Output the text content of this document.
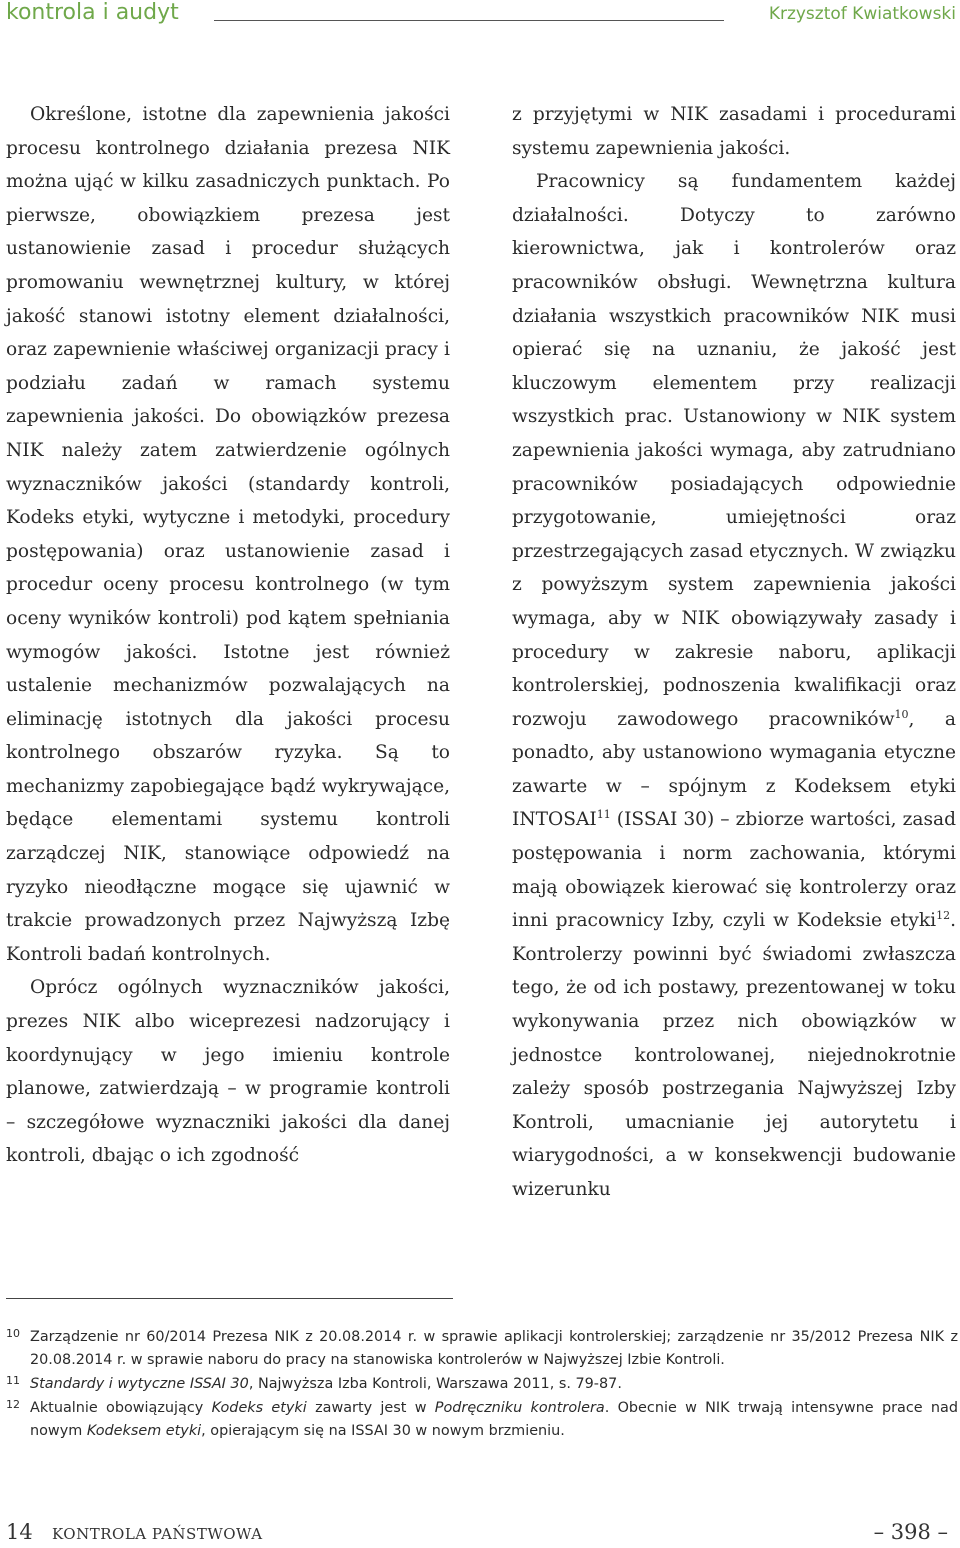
kontrola i audyt	Krzysztof Kwiatkowski

Określone, istotne dla zapewnienia jakości procesu kontrolnego działania prezesa NIK można ująć w kilku zasadniczych punktach. Po pierwsze, obowiązkiem prezesa jest ustanowienie zasad i procedur służących promowaniu wewnętrznej kultury, w której jakość stanowi istotny element działalności, oraz zapewnienie właściwej organizacji pracy i podziału zadań w ramach systemu zapewnienia jakości. Do obowiązków prezesa NIK należy zatem zatwierdzenie ogólnych wyznaczników jakości (standardy kontroli, Kodeks etyki, wytyczne i metodyki, procedury postępowania) oraz ustanowienie zasad i procedur oceny procesu kontrolnego (w tym oceny wyników kontroli) pod kątem spełniania wymogów jakości. Istotne jest również ustalenie mechanizmów pozwalających na eliminację istotnych dla jakości procesu kontrolnego obszarów ryzyka. Są to mechanizmy zapobiegające bądź wykrywające, będące elementami systemu kontroli zarządczej NIK, stanowiące odpowiedź na ryzyko nieodłączne mogące się ujawnić w trakcie prowadzonych przez Najwyższą Izbę Kontroli badań kontrolnych.

Oprócz ogólnych wyznaczników jakości, prezes NIK albo wiceprezesi nadzorujący i koordynujący w jego imieniu kontrole planowe, zatwierdzają – w programie kontroli – szczegółowe wyznaczniki jakości dla danej kontroli, dbając o ich zgodność

z przyjętymi w NIK zasadami i procedurami systemu zapewnienia jakości.

Pracownicy są fundamentem każdej działalności. Dotyczy to zarówno kierownictwa, jak i kontrolerów oraz pracowników obsługi. Wewnętrzna kultura działania wszystkich pracowników NIK musi opierać się na uznaniu, że jakość jest kluczowym elementem przy realizacji wszystkich prac. Ustanowiony w NIK system zapewnienia jakości wymaga, aby zatrudniano pracowników posiadających odpowiednie przygotowanie, umiejętności oraz przestrzegających zasad etycznych. W związku z powyższym system zapewnienia jakości wymaga, aby w NIK obowiązywały zasady i procedury w zakresie naboru, aplikacji kontrolerskiej, podnoszenia kwalifikacji oraz rozwoju zawodowego pracowników$^{10}$, a ponadto, aby ustanowiono wymagania etyczne zawarte w – spójnym z Kodeksem etyki INTOSAI$^{11}$ (ISSAI 30) – zbiorze wartości, zasad postępowania i norm zachowania, którymi mają obowiązek kierować się kontrolerzy oraz inni pracownicy Izby, czyli w Kodeksie etyki$^{12}$. Kontrolerzy powinni być świadomi zwłaszcza tego, że od ich postawy, prezentowanej w toku wykonywania przez nich obowiązków w jednostce kontrolowanej, niejednokrotnie zależy sposób postrzegania Najwyższej Izby Kontroli, umacnianie jej autorytetu i wiarygodności, a w konsekwencji budowanie wizerunku

10 Zarządzenie nr 60/2014 Prezesa NIK z 20.08.2014 r. w sprawie aplikacji kontrolerskiej; zarządzenie nr 35/2012 Prezesa NIK z 20.08.2014 r. w sprawie naboru do pracy na stanowiska kontrolerów w Najwyższej Izbie Kontroli.
11 Standardy i wytyczne ISSAI 30, Najwyższa Izba Kontroli, Warszawa 2011, s. 79-87.
12 Aktualnie obowiązujący Kodeks etyki zawarty jest w Podręczniku kontrolera. Obecnie w NIK trwają intensywne prace nad nowym Kodeksem etyki, opierającym się na ISSAI 30 w nowym brzmieniu.
14 KONTROLA PAŃSTWOWA	– 398 –
